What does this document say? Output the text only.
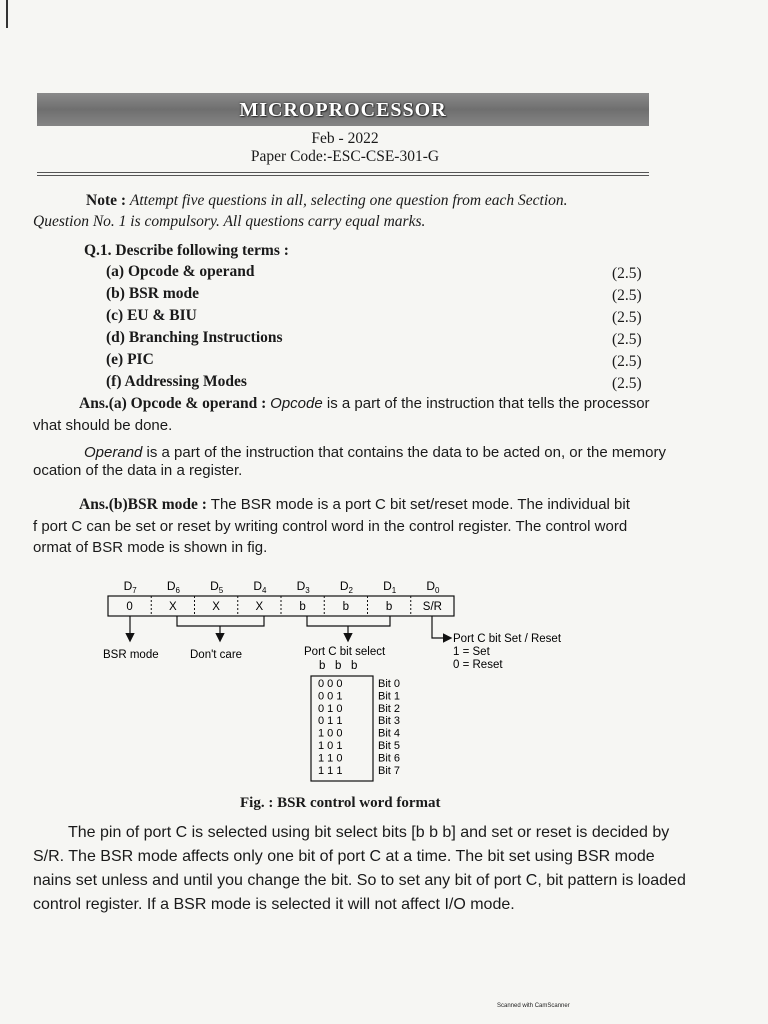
MICROPROCESSOR
Feb - 2022
Paper Code:-ESC-CSE-301-G
Note : Attempt five questions in all, selecting one question from each Section.
Question No. 1 is compulsory. All questions carry equal marks.
Q.1. Describe following terms :
(a) Opcode & operand	(2.5)
(b) BSR mode	(2.5)
(c) EU & BIU	(2.5)
(d) Branching Instructions	(2.5)
(e) PIC	(2.5)
(f) Addressing Modes	(2.5)
Ans.(a) Opcode & operand : Opcode is a part of the instruction that tells the processor
vhat should be done.
Operand is a part of the instruction that contains the data to be acted on, or the memory
ocation of the data in a register.
Ans.(b)BSR mode : The BSR mode is a port C bit set/reset mode. The individual bit
f port C can be set or reset by writing control word in the control register. The control word
ormat of BSR mode is shown in fig.
$D_7$	$D_6$	$D_5$	$D_4$	$D_3$	$D_2$	$D_1$	$D_0$
0	X	X	X	b	b	b	S/R
BSR mode	Don't care	Port C bit select
b   b   b
Port C bit Set / Reset
1 = Set
0 = Reset
0 0 0	Bit 0
0 0 1	Bit 1
0 1 0	Bit 2
0 1 1	Bit 3
1 0 0	Bit 4
1 0 1	Bit 5
1 1 0	Bit 6
1 1 1	Bit 7
Fig. : BSR control word format
The pin of port C is selected using bit select bits [b b b] and set or reset is decided by
S/R. The BSR mode affects only one bit of port C at a time. The bit set using BSR mode
nains set unless and until you change the bit. So to set any bit of port C, bit pattern is loaded
control register. If a BSR mode is selected it will not affect I/O mode.
Scanned with CamScanner
